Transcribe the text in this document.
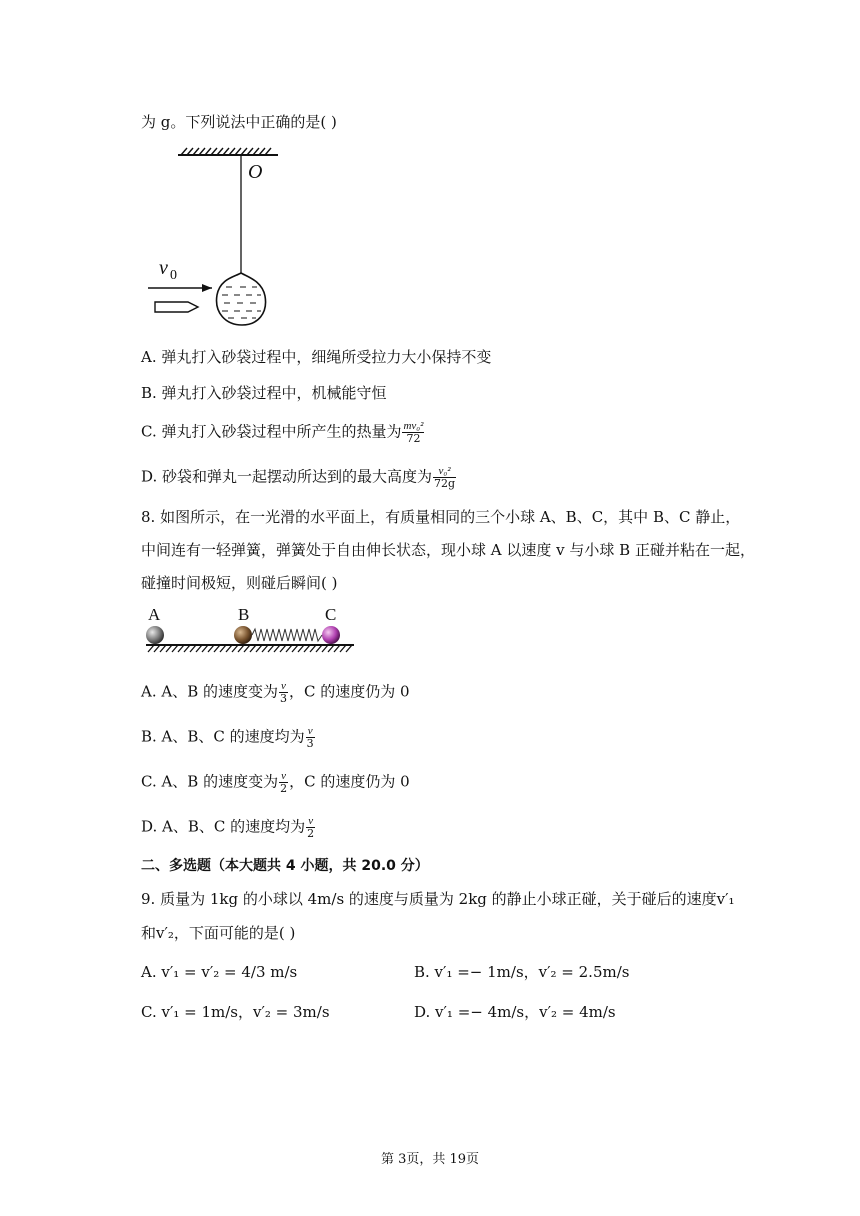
为 g。下列说法中正确的是( )
O
v 0
A. 弹丸打入砂袋过程中，细绳所受拉力大小保持不变
B. 弹丸打入砂袋过程中，机械能守恒
C. 弹丸打入砂袋过程中所产生的热量为 $\frac{\text{mv₀²}}{72}$
D. 砂袋和弹丸一起摆动所达到的最大高度为 $\frac{\text{v₀²}}{72g}$
8. 如图所示，在一光滑的水平面上，有质量相同的三个小球 A、B、C，其中 B、C 静止，
中间连有一轻弹簧，弹簧处于自由伸长状态，现小球 A 以速度 v 与小球 B 正碰并粘在一起，
碰撞时间极短，则碰后瞬间( )
A	B	C
A. A、B 的速度变为 $\frac{v}{3}$ ，C 的速度仍为 0
B. A、B、C 的速度均为 $\frac{v}{3}$
C. A、B 的速度变为 $\frac{v}{2}$ ，C 的速度仍为 0
D. A、B、C 的速度均为 $\frac{v}{2}$
二、多选题（本大题共 4 小题，共 20.0 分）
9. 质量为 1kg 的小球以 4m/s 的速度与质量为 2kg 的静止小球正碰，关于碰后的速度v′₁
和v′₂，下面可能的是( )
A. v′₁ = v′₂ = 4/3 m/s	B. v′₁ =− 1m/s，v′₂ = 2.5m/s
C. v′₁ = 1m/s，v′₂ = 3m/s	D. v′₁ =− 4m/s，v′₂ = 4m/s
第 3页，共 19页
